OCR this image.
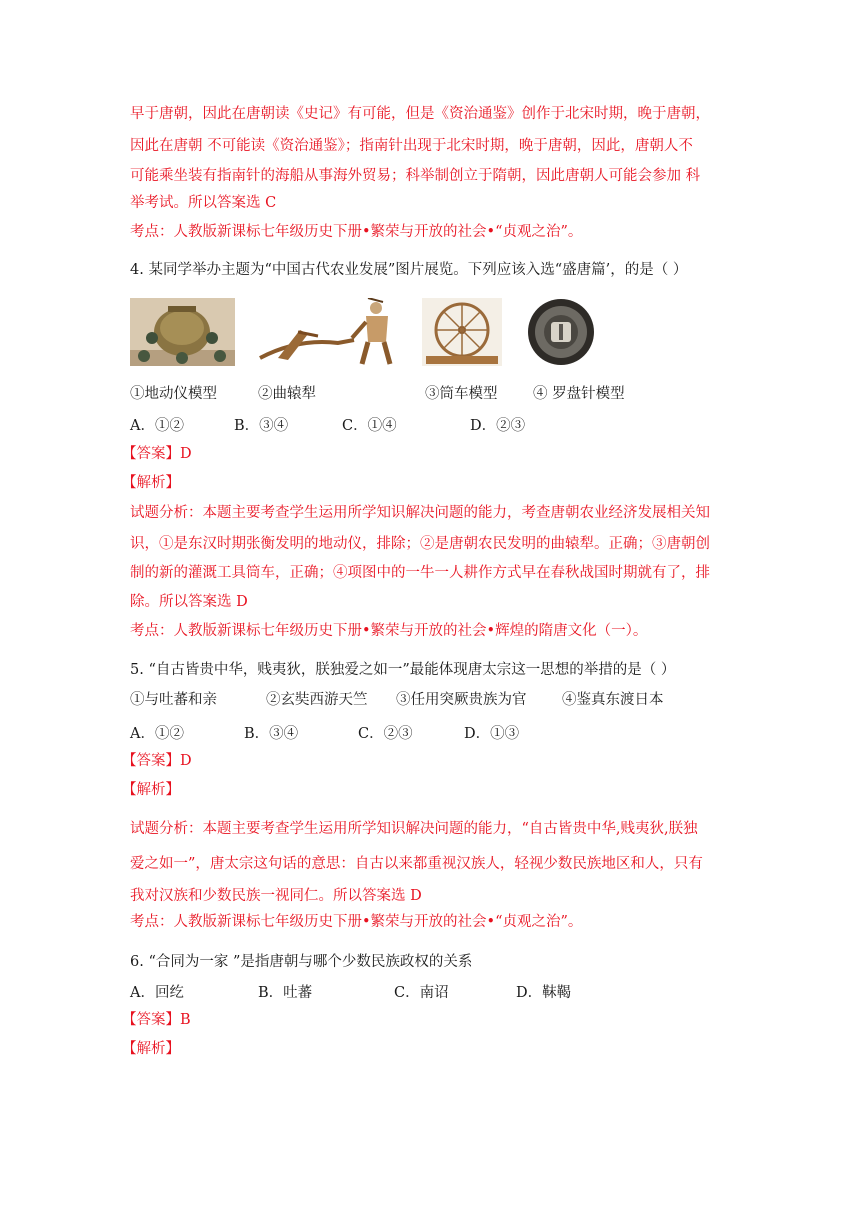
早于唐朝，因此在唐朝读《史记》有可能，但是《资治通鉴》创作于北宋时期，晚于唐朝，
因此在唐朝 不可能读《资治通鉴》；指南针出现于北宋时期，晚于唐朝，因此，唐朝人不
可能乘坐装有指南针的海船从事海外贸易；科举制创立于隋朝，因此唐朝人可能会参加 科
举考试。所以答案选 C
考点：人教版新课标七年级历史下册•繁荣与开放的社会•“贞观之治”。
4. 某同学举办主题为“中国古代农业发展”图片展览。下列应该入选“盛唐篇’，的是（ ）
①地动仪模型	②曲辕犁	③筒车模型 ④ 罗盘针模型
A．①②	B．③④	C．①④	D．②③
【答案】D
【解析】
试题分析：本题主要考查学生运用所学知识解决问题的能力，考查唐朝农业经济发展相关知
识，①是东汉时期张衡发明的地动仪，排除；②是唐朝农民发明的曲辕犁。正确；③唐朝创
制的新的灌溉工具筒车，正确；④项图中的一牛一人耕作方式早在春秋战国时期就有了，排
除。所以答案选 D
考点：人教版新课标七年级历史下册•繁荣与开放的社会•辉煌的隋唐文化（一）。
5. “自古皆贵中华，贱夷狄，朕独爱之如一”最能体现唐太宗这一思想的举措的是（ ）
①与吐蕃和亲	②玄奘西游天竺 ③任用突厥贵族为官 ④鉴真东渡日本
A．①②	B．③④	C．②③	D．①③
【答案】D
【解析】
试题分析：本题主要考查学生运用所学知识解决问题的能力，“自古皆贵中华,贱夷狄,朕独
爱之如一”，唐太宗这句话的意思：自古以来都重视汉族人，轻视少数民族地区和人，只有
我对汉族和少数民族一视同仁。所以答案选 D
考点：人教版新课标七年级历史下册•繁荣与开放的社会•“贞观之治”。
6. “合同为一家 ”是指唐朝与哪个少数民族政权的关系
A．回纥	B．吐蕃	C．南诏	D．靺鞨
【答案】B
【解析】
